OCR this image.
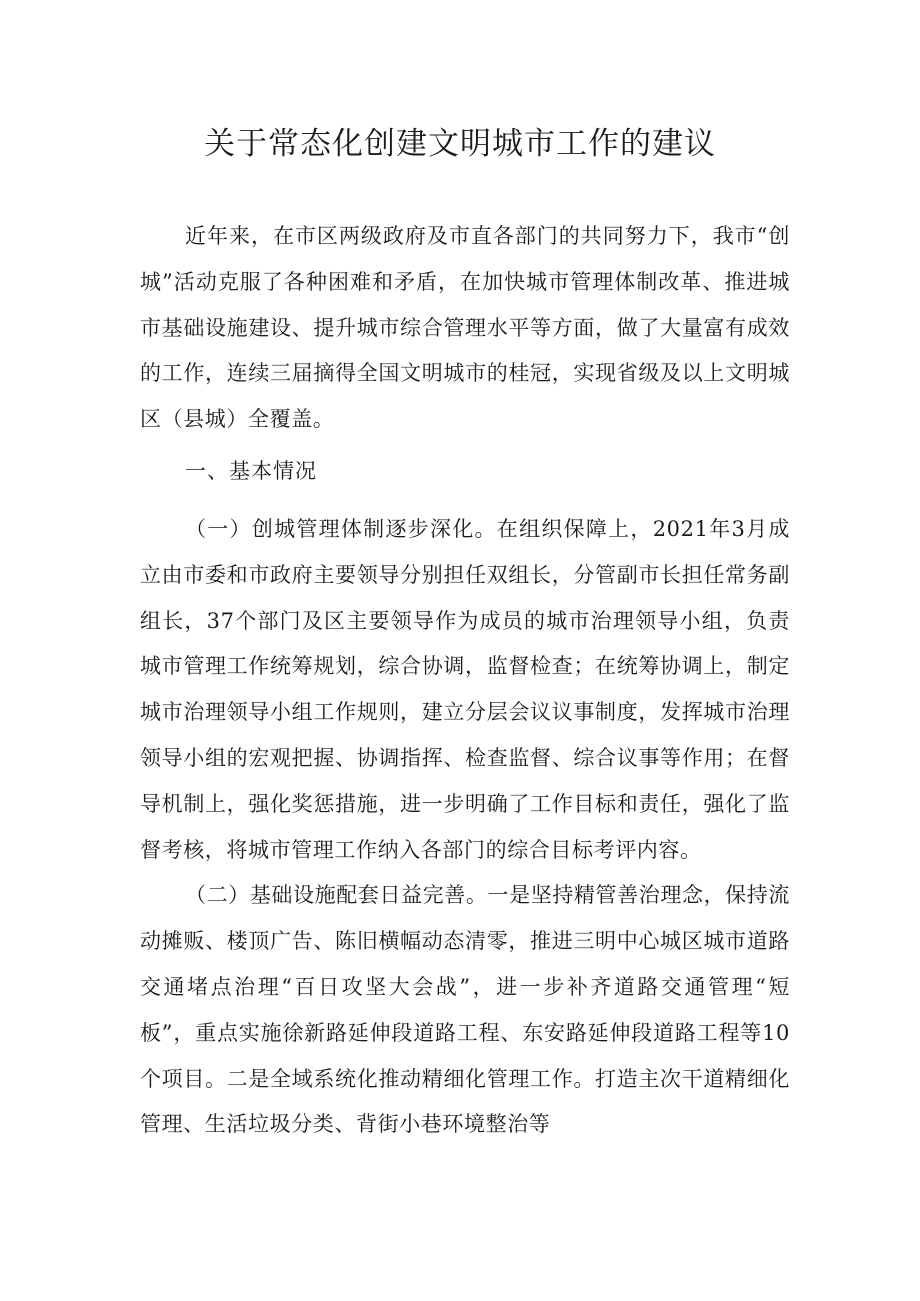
关于常态化创建文明城市工作的建议

近年来，在市区两级政府及市直各部门的共同努力下，我市“创城”活动克服了各种困难和矛盾，在加快城市管理体制改革、推进城市基础设施建设、提升城市综合管理水平等方面，做了大量富有成效的工作，连续三届摘得全国文明城市的桂冠，实现省级及以上文明城区（县城）全覆盖。

一、基本情况

（一）创城管理体制逐步深化。在组织保障上，2021年3月成立由市委和市政府主要领导分别担任双组长，分管副市长担任常务副组长，37个部门及区主要领导作为成员的城市治理领导小组，负责城市管理工作统筹规划，综合协调，监督检查；在统筹协调上，制定城市治理领导小组工作规则，建立分层会议议事制度，发挥城市治理领导小组的宏观把握、协调指挥、检查监督、综合议事等作用；在督导机制上，强化奖惩措施，进一步明确了工作目标和责任，强化了监督考核，将城市管理工作纳入各部门的综合目标考评内容。

（二）基础设施配套日益完善。一是坚持精管善治理念，保持流动摊贩、楼顶广告、陈旧横幅动态清零，推进三明中心城区城市道路交通堵点治理“百日攻坚大会战”，进一步补齐道路交通管理“短板”，重点实施徐新路延伸段道路工程、东安路延伸段道路工程等10个项目。二是全域系统化推动精细化管理工作。打造主次干道精细化管理、生活垃圾分类、背街小巷环境整治等
